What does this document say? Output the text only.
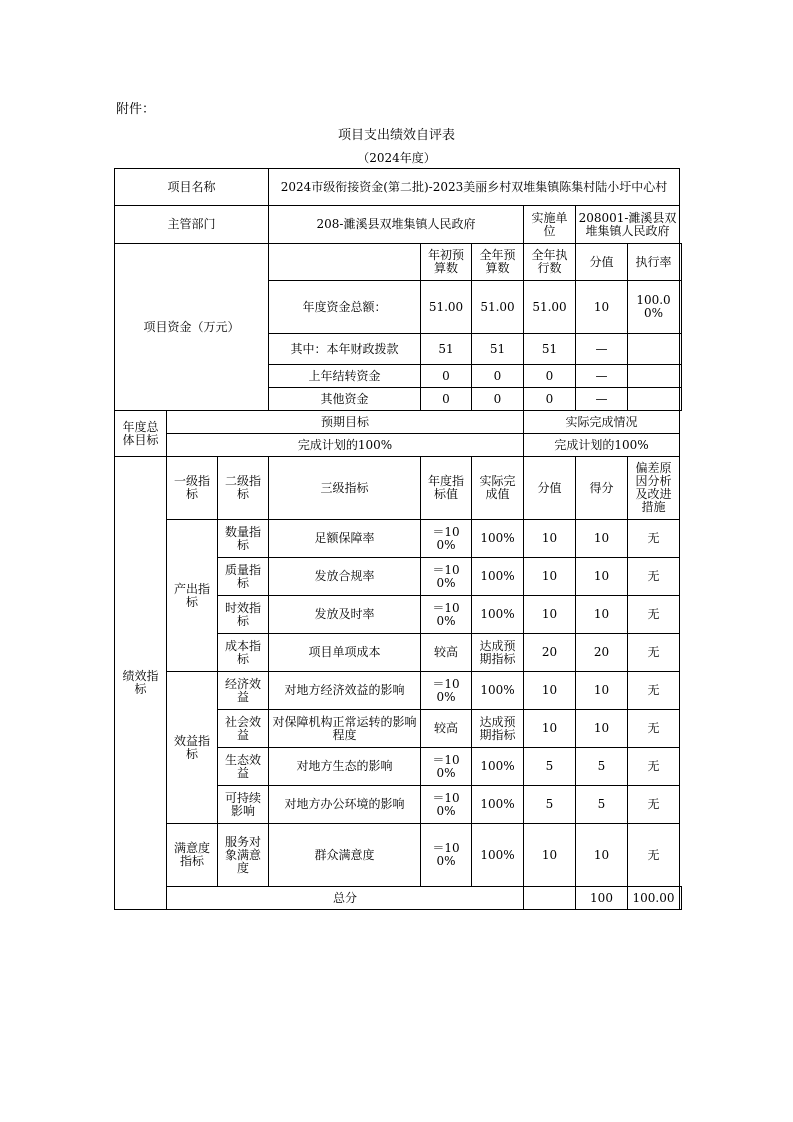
附件：
项目支出绩效自评表
（2024年度）
项目名称			2024市级衔接资金(第二批)-2023美丽乡村双堆集镇陈集村陆小圩中心村						
主管部门			208-濉溪县双堆集镇人民政府			实施单位	208001-濉溪县双堆集镇人民政府		
项目资金（万元）				年初预算数	全年预算数	全年执行数	分值	执行率	
			年度资金总额：	51.00	51.00	51.00	10	100.00%	
			其中：本年财政拨款	51	51	51	—		
			上年结转资金	0	0	0	—		
			其他资金	0	0	0	—		
年度总体目标	预期目标					实际完成情况			
	完成计划的100%					完成计划的100%			
绩效指标	一级指标	二级指标	三级指标	年度指标值	实际完成值	分值	得分	偏差原因分析及改进措施	
	产出指标	数量指标	足额保障率	＝100%	100%	10	10	无	
		质量指标	发放合规率	＝100%	100%	10	10	无	
		时效指标	发放及时率	＝100%	100%	10	10	无	
		成本指标	项目单项成本	较高	达成预期指标	20	20	无	
	效益指标	经济效益	对地方经济效益的影响	＝100%	100%	10	10	无	
		社会效益	对保障机构正常运转的影响程度	较高	达成预期指标	10	10	无	
		生态效益	对地方生态的影响	＝100%	100%	5	5	无	
		可持续影响	对地方办公环境的影响	＝100%	100%	5	5	无	
	满意度指标	服务对象满意度	群众满意度	＝100%	100%	10	10	无	
	总分						100	100.00	
